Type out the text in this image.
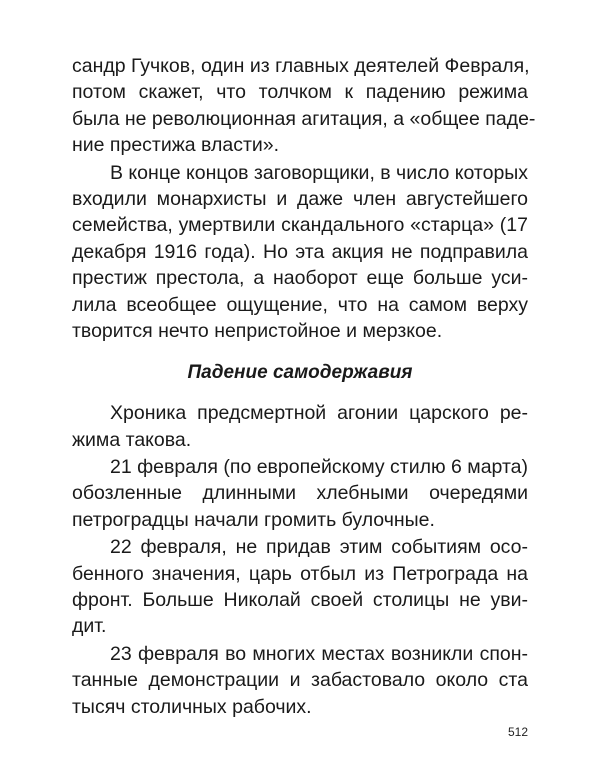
сандр Гучков, один из главных деятелей Февраля,
потом скажет, что толчком к падению режима
была не революционная агитация, а «общее паде-
ние престижа власти».
В конце концов заговорщики, в число которых
входили монархисты и даже член августейшего
семейства, умертвили скандального «старца» (17
декабря 1916 года). Но эта акция не подправила
престиж престола, а наоборот еще больше уси-
лила всеобщее ощущение, что на самом верху
творится нечто непристойное и мерзкое.
Падение самодержавия
Хроника предсмертной агонии царского ре-
жима такова.
21 февраля (по европейскому стилю 6 марта)
обозленные длинными хлебными очередями
петроградцы начали громить булочные.
22 февраля, не придав этим событиям осо-
бенного значения, царь отбыл из Петрограда на
фронт. Больше Николай своей столицы не уви-
дит.
23 февраля во многих местах возникли спон-
танные демонстрации и забастовало около ста
тысяч столичных рабочих.
512
